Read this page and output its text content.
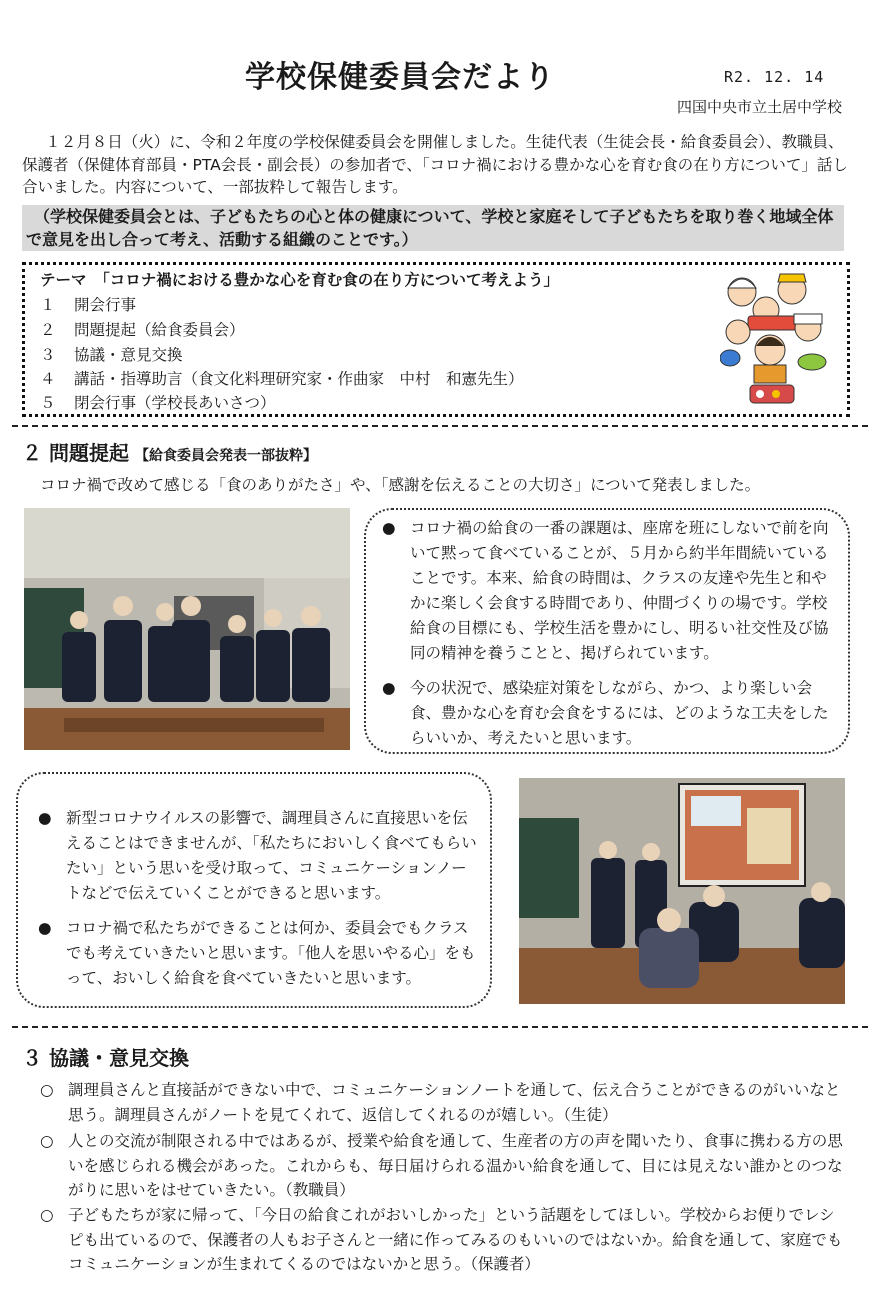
学校保健委員会だより	R2. 12. 14
四国中央市立土居中学校
１２月８日（火）に、令和２年度の学校保健委員会を開催しました。生徒代表（生徒会長・給食委員会）、教職員、保護者（保健体育部員・PTA会長・副会長）の参加者で、「コロナ禍における豊かな心を育む食の在り方について」話し合いました。内容について、一部抜粋して報告します。
（学校保健委員会とは、子どもたちの心と体の健康について、学校と家庭そして子どもたちを取り巻く地域全体で意見を出し合って考え、活動する組織のことです。）
テーマ　「コロナ禍における豊かな心を育む食の在り方について考えよう」
１ 開会行事
２ 問題提起（給食委員会）
３ 協議・意見交換
４ 講話・指導助言（食文化料理研究家・作曲家　中村　和憲先生）
５ 閉会行事（学校長あいさつ）
２ 問題提起 【給食委員会発表一部抜粋】
コロナ禍で改めて感じる「食のありがたさ」や、「感謝を伝えることの大切さ」について発表しました。
● コロナ禍の給食の一番の課題は、座席を班にしないで前を向いて黙って食べていることが、５月から約半年間続いていることです。本来、給食の時間は、クラスの友達や先生と和やかに楽しく会食する時間であり、仲間づくりの場です。学校給食の目標にも、学校生活を豊かにし、明るい社交性及び協同の精神を養うことと、掲げられています。
● 今の状況で、感染症対策をしながら、かつ、より楽しい会食、豊かな心を育む会食をするには、どのような工夫をしたらいいか、考えたいと思います。
● 新型コロナウイルスの影響で、調理員さんに直接思いを伝えることはできませんが、「私たちにおいしく食べてもらいたい」という思いを受け取って、コミュニケーションノートなどで伝えていくことができると思います。
● コロナ禍で私たちができることは何か、委員会でもクラスでも考えていきたいと思います。「他人を思いやる心」をもって、おいしく給食を食べていきたいと思います。
３ 協議・意見交換
○ 調理員さんと直接話ができない中で、コミュニケーションノートを通して、伝え合うことができるのがいいなと思う。調理員さんがノートを見てくれて、返信してくれるのが嬉しい。（生徒）
○ 人との交流が制限される中ではあるが、授業や給食を通して、生産者の方の声を聞いたり、食事に携わる方の思いを感じられる機会があった。これからも、毎日届けられる温かい給食を通して、目には見えない誰かとのつながりに思いをはせていきたい。（教職員）
○ 子どもたちが家に帰って、「今日の給食これがおいしかった」という話題をしてほしい。学校からお便りでレシピも出ているので、保護者の人もお子さんと一緒に作ってみるのもいいのではないか。給食を通して、家庭でもコミュニケーションが生まれてくるのではないかと思う。（保護者）
